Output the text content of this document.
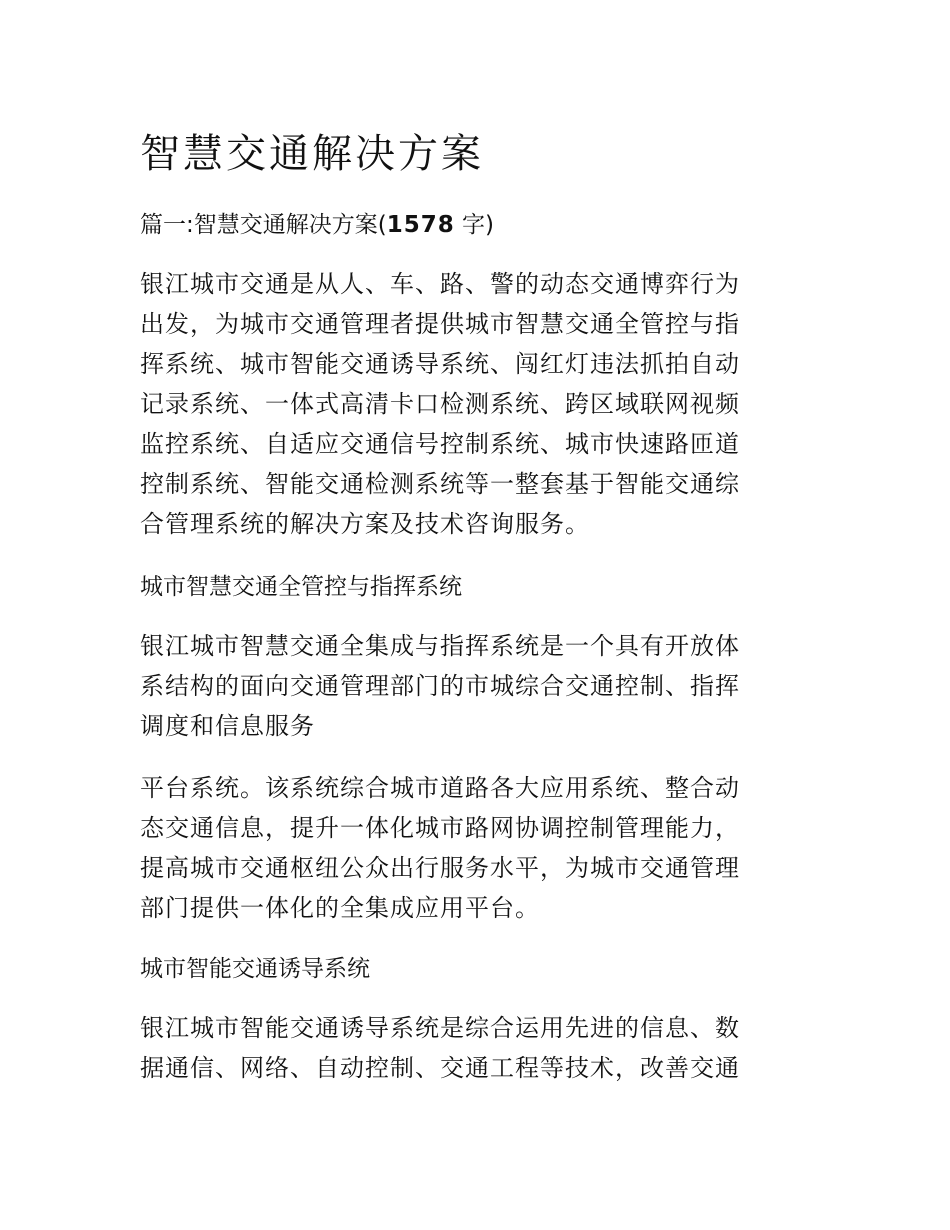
智慧交通解决方案

篇一:智慧交通解决方案(1578 字)

银江城市交通是从人、车、路、警的动态交通博弈行为
出发，为城市交通管理者提供城市智慧交通全管控与指
挥系统、城市智能交通诱导系统、闯红灯违法抓拍自动
记录系统、一体式高清卡口检测系统、跨区域联网视频
监控系统、自适应交通信号控制系统、城市快速路匝道
控制系统、智能交通检测系统等一整套基于智能交通综
合管理系统的解决方案及技术咨询服务。

城市智慧交通全管控与指挥系统

银江城市智慧交通全集成与指挥系统是一个具有开放体
系结构的面向交通管理部门的市城综合交通控制、指挥
调度和信息服务

平台系统。该系统综合城市道路各大应用系统、整合动
态交通信息，提升一体化城市路网协调控制管理能力，
提高城市交通枢纽公众出行服务水平，为城市交通管理
部门提供一体化的全集成应用平台。

城市智能交通诱导系统

银江城市智能交通诱导系统是综合运用先进的信息、数
据通信、网络、自动控制、交通工程等技术，改善交通
